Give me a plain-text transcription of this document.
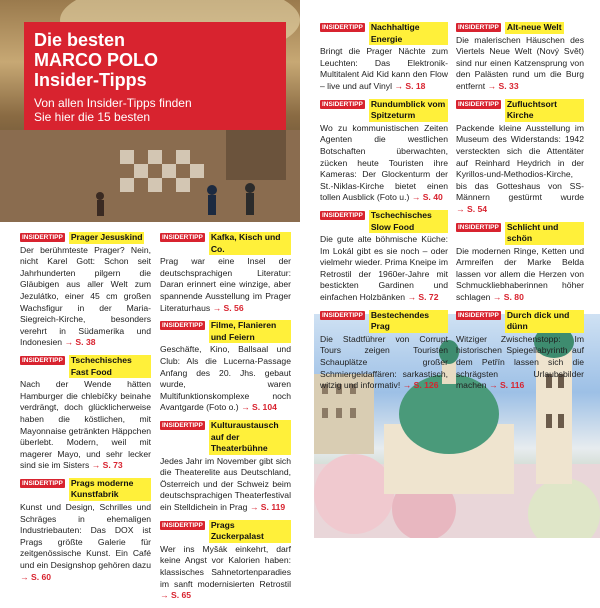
Die besten
MARCO POLO
Insider-Tipps
Von allen Insider-Tipps finden
Sie hier die 15 besten
INSIDERTIPP Prager Jesuskind
Der berühmteste Prager? Nein, nicht Karel Gott: Schon seit Jahrhunderten pilgern die Gläubigen aus aller Welt zum Jezulátko, einer 45 cm großen Wachsfigur in der Maria-Siegreich-Kirche, besonders verehrt in Südamerika und Indonesien → S. 38
INSIDERTIPP Tschechisches Fast Food
Nach der Wende hätten Hamburger die chlebíčky beinahe verdrängt, doch glücklicherweise haben die köstlichen, mit Mayonnaise getränkten Häppchen überlebt. Modern, weil mit magerer Mayo, und sehr lecker sind sie im Sisters → S. 73
INSIDERTIPP Prags moderne Kunstfabrik
Kunst und Design, Schrilles und Schräges in ehemaligen Industriebauten: Das DOX ist Prags größte Galerie für zeitgenössische Kunst. Ein Café und ein Designshop gehören dazu → S. 60
INSIDERTIPP Kafka, Kisch und Co.
Prag war eine Insel der deutschsprachigen Literatur: Daran erinnert eine winzige, aber spannende Ausstellung im Prager Literaturhaus → S. 56
INSIDERTIPP Filme, Flanieren und Feiern
Geschäfte, Kino, Ballsaal und Club: Als die Lucerna-Passage Anfang des 20. Jhs. gebaut wurde, waren Multifunktionskomplexe noch Avantgarde (Foto o.) → S. 104
INSIDERTIPP Kulturaustausch auf der Theaterbühne
Jedes Jahr im November gibt sich die Theaterelite aus Deutschland, Österreich und der Schweiz beim deutschsprachigen Theaterfestival ein Stelldichein in Prag → S. 119
INSIDERTIPP Prags Zuckerpalast
Wer ins Myšák einkehrt, darf keine Angst vor Kalorien haben: klassisches Sahnetortenparadies im sanft modernisierten Retrostil → S. 65
INSIDERTIPP Nachhaltige Energie
Bringt die Prager Nächte zum Leuchten: Das Elektronik-Multitalent Aid Kid kann den Flow – live und auf Vinyl → S. 18
INSIDERTIPP Rundumblick vom Spitzeturm
Wo zu kommunistischen Zeiten Agenten die westlichen Botschaften überwachten, zücken heute Touristen ihre Kameras: Der Glockenturm der St.-Niklas-Kirche bietet einen tollen Ausblick (Foto u.) → S. 40
INSIDERTIPP Tschechisches Slow Food
Die gute alte böhmische Küche: Im Lokál gibt es sie noch – oder vielmehr wieder. Prima Kneipe im Retrostil der 1960er-Jahre mit bestickten Gardinen und einfachen Holzbänken → S. 72
INSIDERTIPP Bestechendes Prag
Die Stadtführer von Corrupt Tours zeigen Touristen Schauplätze großer Schmiergeldaffären: sarkastisch, witzig und informativ! → S. 126
INSIDERTIPP Alt-neue Welt
Die malerischen Häuschen des Viertels Neue Welt (Nový Svět) sind nur einen Katzensprung von den Palästen rund um die Burg entfernt → S. 33
INSIDERTIPP Zufluchtsort Kirche
Packende kleine Ausstellung im Museum des Widerstands: 1942 versteckten sich die Attentäter auf Reinhard Heydrich in der Kyrillos-und-Methodios-Kirche, bis das Gotteshaus von SS-Männern gestürmt wurde → S. 54
INSIDERTIPP Schlicht und schön
Die modernen Ringe, Ketten und Armreifen der Marke Belda lassen vor allem die Herzen von Schmuckliebhaberinnen höher schlagen → S. 80
INSIDERTIPP Durch dick und dünn
Witziger Zwischenstopp: Im historischen Spiegellabyrinth auf dem Petřín lassen sich die schrägsten Urlaubsbilder machen → S. 116
